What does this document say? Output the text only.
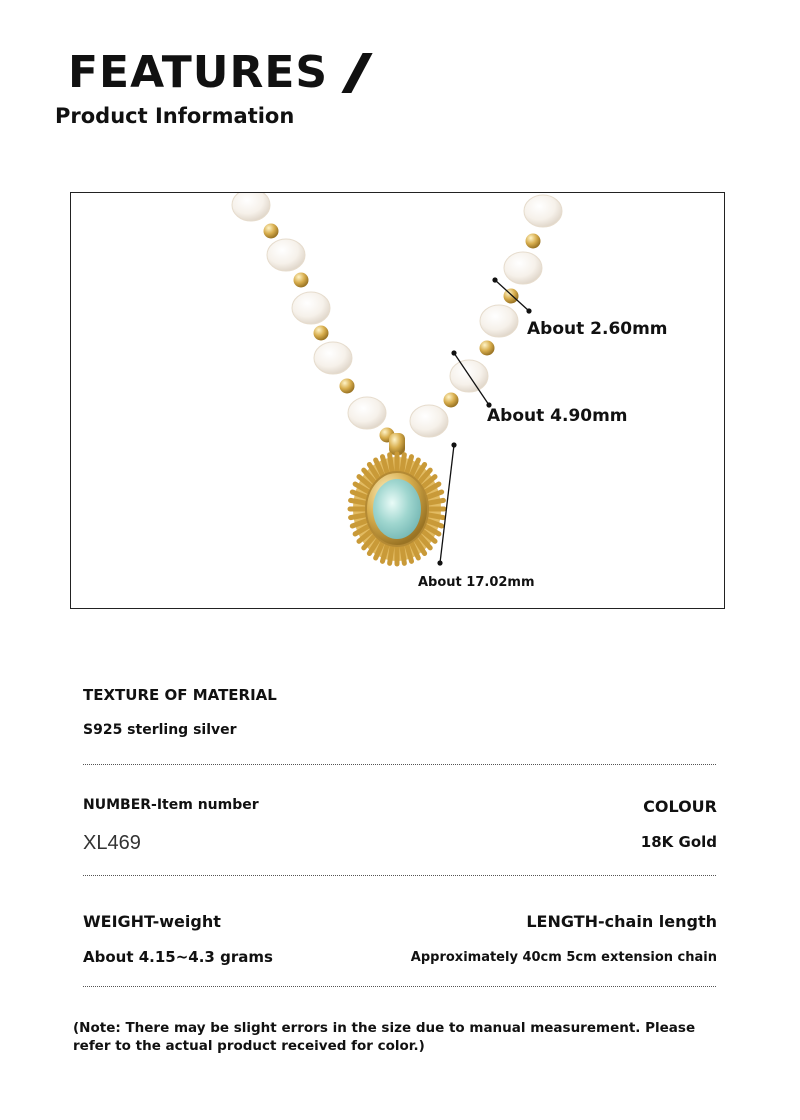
FEATURES
Product Information
About 2.60mm
About 4.90mm
About 17.02mm
TEXTURE OF MATERIAL
S925 sterling silver
NUMBER-Item number
XL469
COLOUR
18K Gold
WEIGHT-weight
About 4.15~4.3 grams
LENGTH-chain length
Approximately 40cm 5cm extension chain
(Note: There may be slight errors in the size due to manual measurement. Please refer to the actual product received for color.)
